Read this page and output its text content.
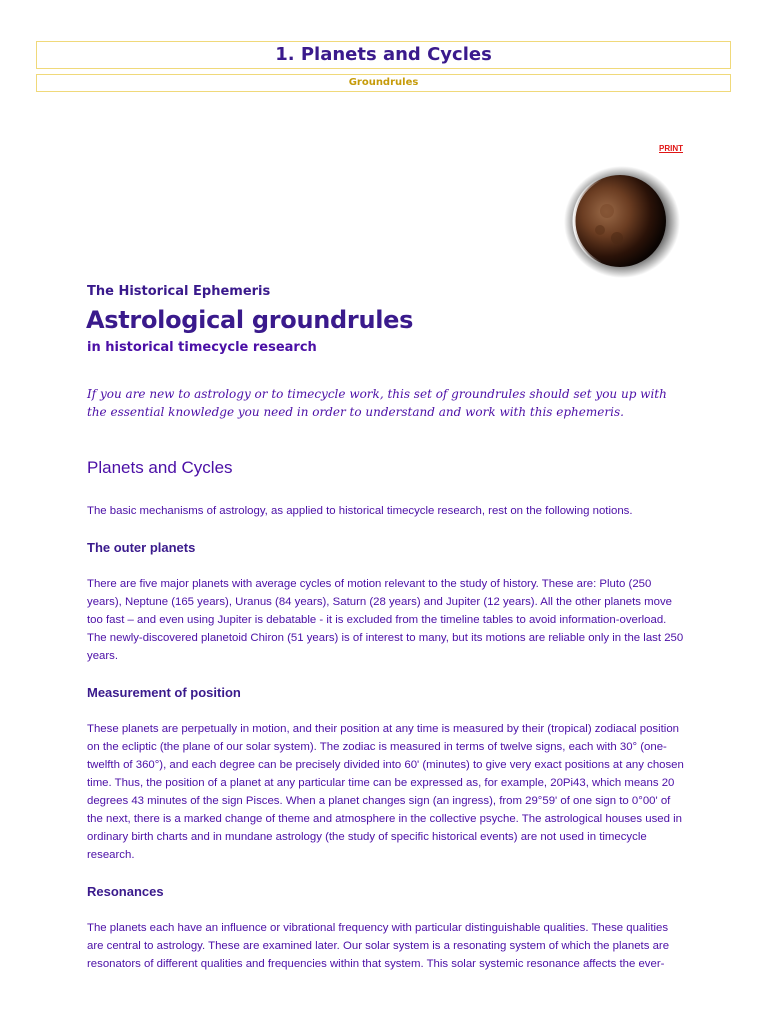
1. Planets and Cycles
Groundrules
PRINT
The Historical Ephemeris
Astrological groundrules
in historical timecycle research
If you are new to astrology or to timecycle work, this set of groundrules should set you up with the essential knowledge you need in order to understand and work with this ephemeris.
Planets and Cycles

The basic mechanisms of astrology, as applied to historical timecycle research, rest on the following notions.

The outer planets

There are five major planets with average cycles of motion relevant to the study of history. These are: Pluto (250 years), Neptune (165 years), Uranus (84 years), Saturn (28 years) and Jupiter (12 years). All the other planets move too fast – and even using Jupiter is debatable - it is excluded from the timeline tables to avoid information-overload. The newly-discovered planetoid Chiron (51 years) is of interest to many, but its motions are reliable only in the last 250 years.

Measurement of position

These planets are perpetually in motion, and their position at any time is measured by their (tropical) zodiacal position on the ecliptic (the plane of our solar system). The zodiac is measured in terms of twelve signs, each with 30° (one-twelfth of 360°), and each degree can be precisely divided into 60' (minutes) to give very exact positions at any chosen time. Thus, the position of a planet at any particular time can be expressed as, for example, 20Pi43, which means 20 degrees 43 minutes of the sign Pisces. When a planet changes sign (an ingress), from 29°59' of one sign to 0°00' of the next, there is a marked change of theme and atmosphere in the collective psyche. The astrological houses used in ordinary birth charts and in mundane astrology (the study of specific historical events) are not used in timecycle research.

Resonances

The planets each have an influence or vibrational frequency with particular distinguishable qualities. These qualities are central to astrology. These are examined later. Our solar system is a resonating system of which the planets are resonators of different qualities and frequencies within that system. This solar systemic resonance affects the ever-
